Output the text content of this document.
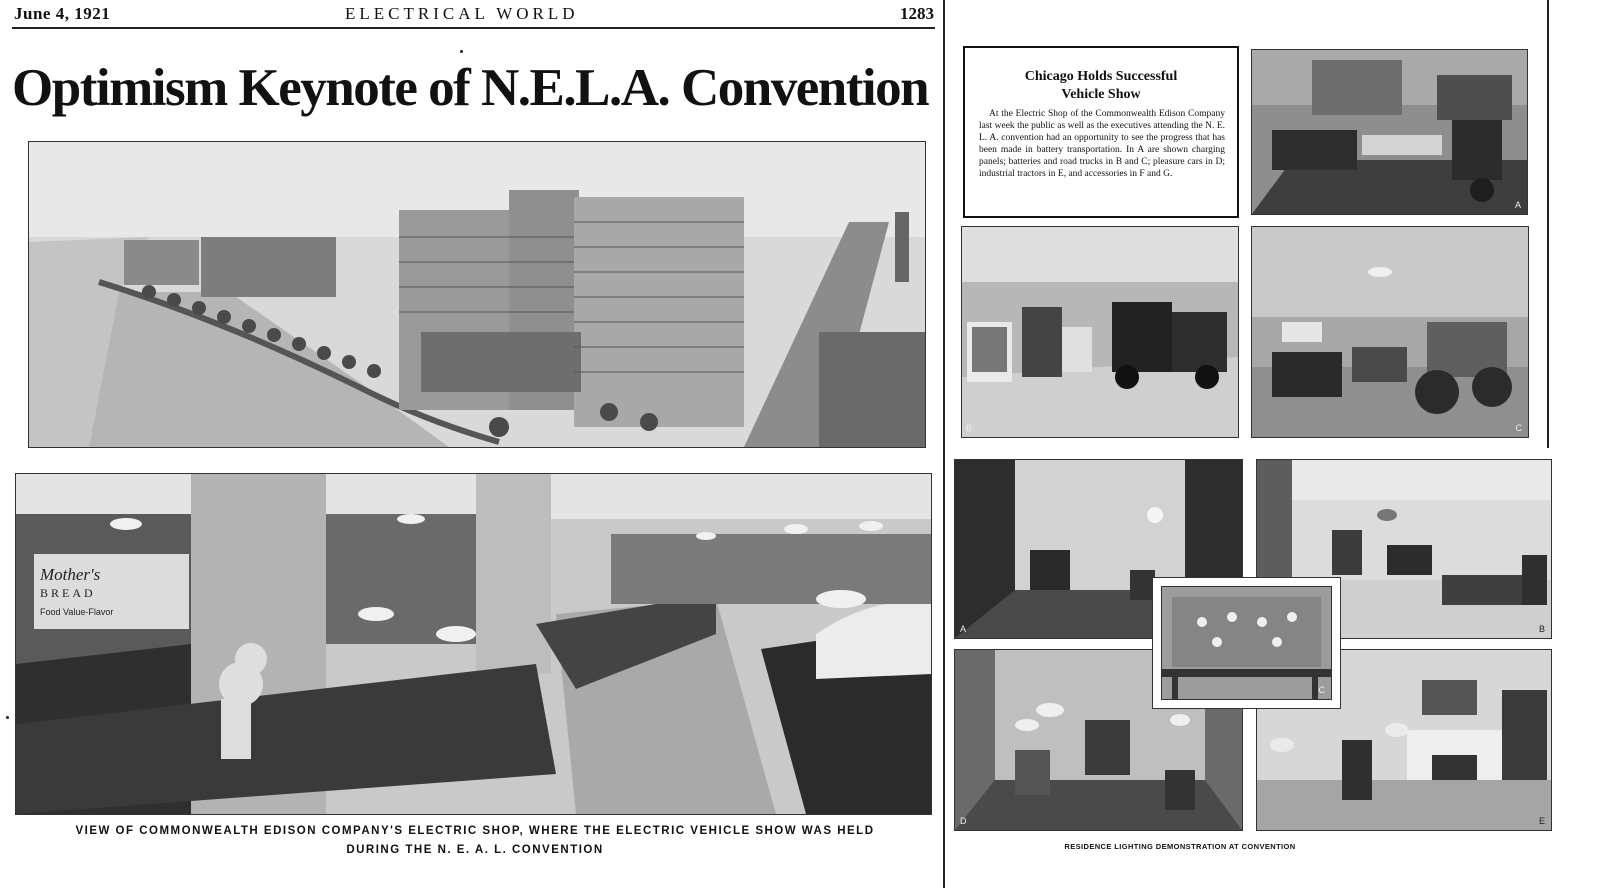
June 4, 1921	ELECTRICAL WORLD	1283
Optimism Keynote of N.E.L.A. Convention
Mother's
BREAD
Food Value-Flavor
VIEW OF COMMONWEALTH EDISON COMPANY'S ELECTRIC SHOP, WHERE THE ELECTRIC VEHICLE SHOW WAS HELD
DURING THE N. E. A. L. CONVENTION
Chicago Holds Successful
Vehicle Show
At the Electric Shop of the Commonwealth Edison Company last week the public as well as the executives attending the N. E. L. A. convention had an opportunity to see the progress that has been made in battery transportation. In A are shown charging panels; batteries and road trucks in B and C; pleasure cars in D; industrial tractors in E, and accessories in F and G.
A
B	C
A	B
D	E
C
RESIDENCE LIGHTING DEMONSTRATION AT CONVENTION
